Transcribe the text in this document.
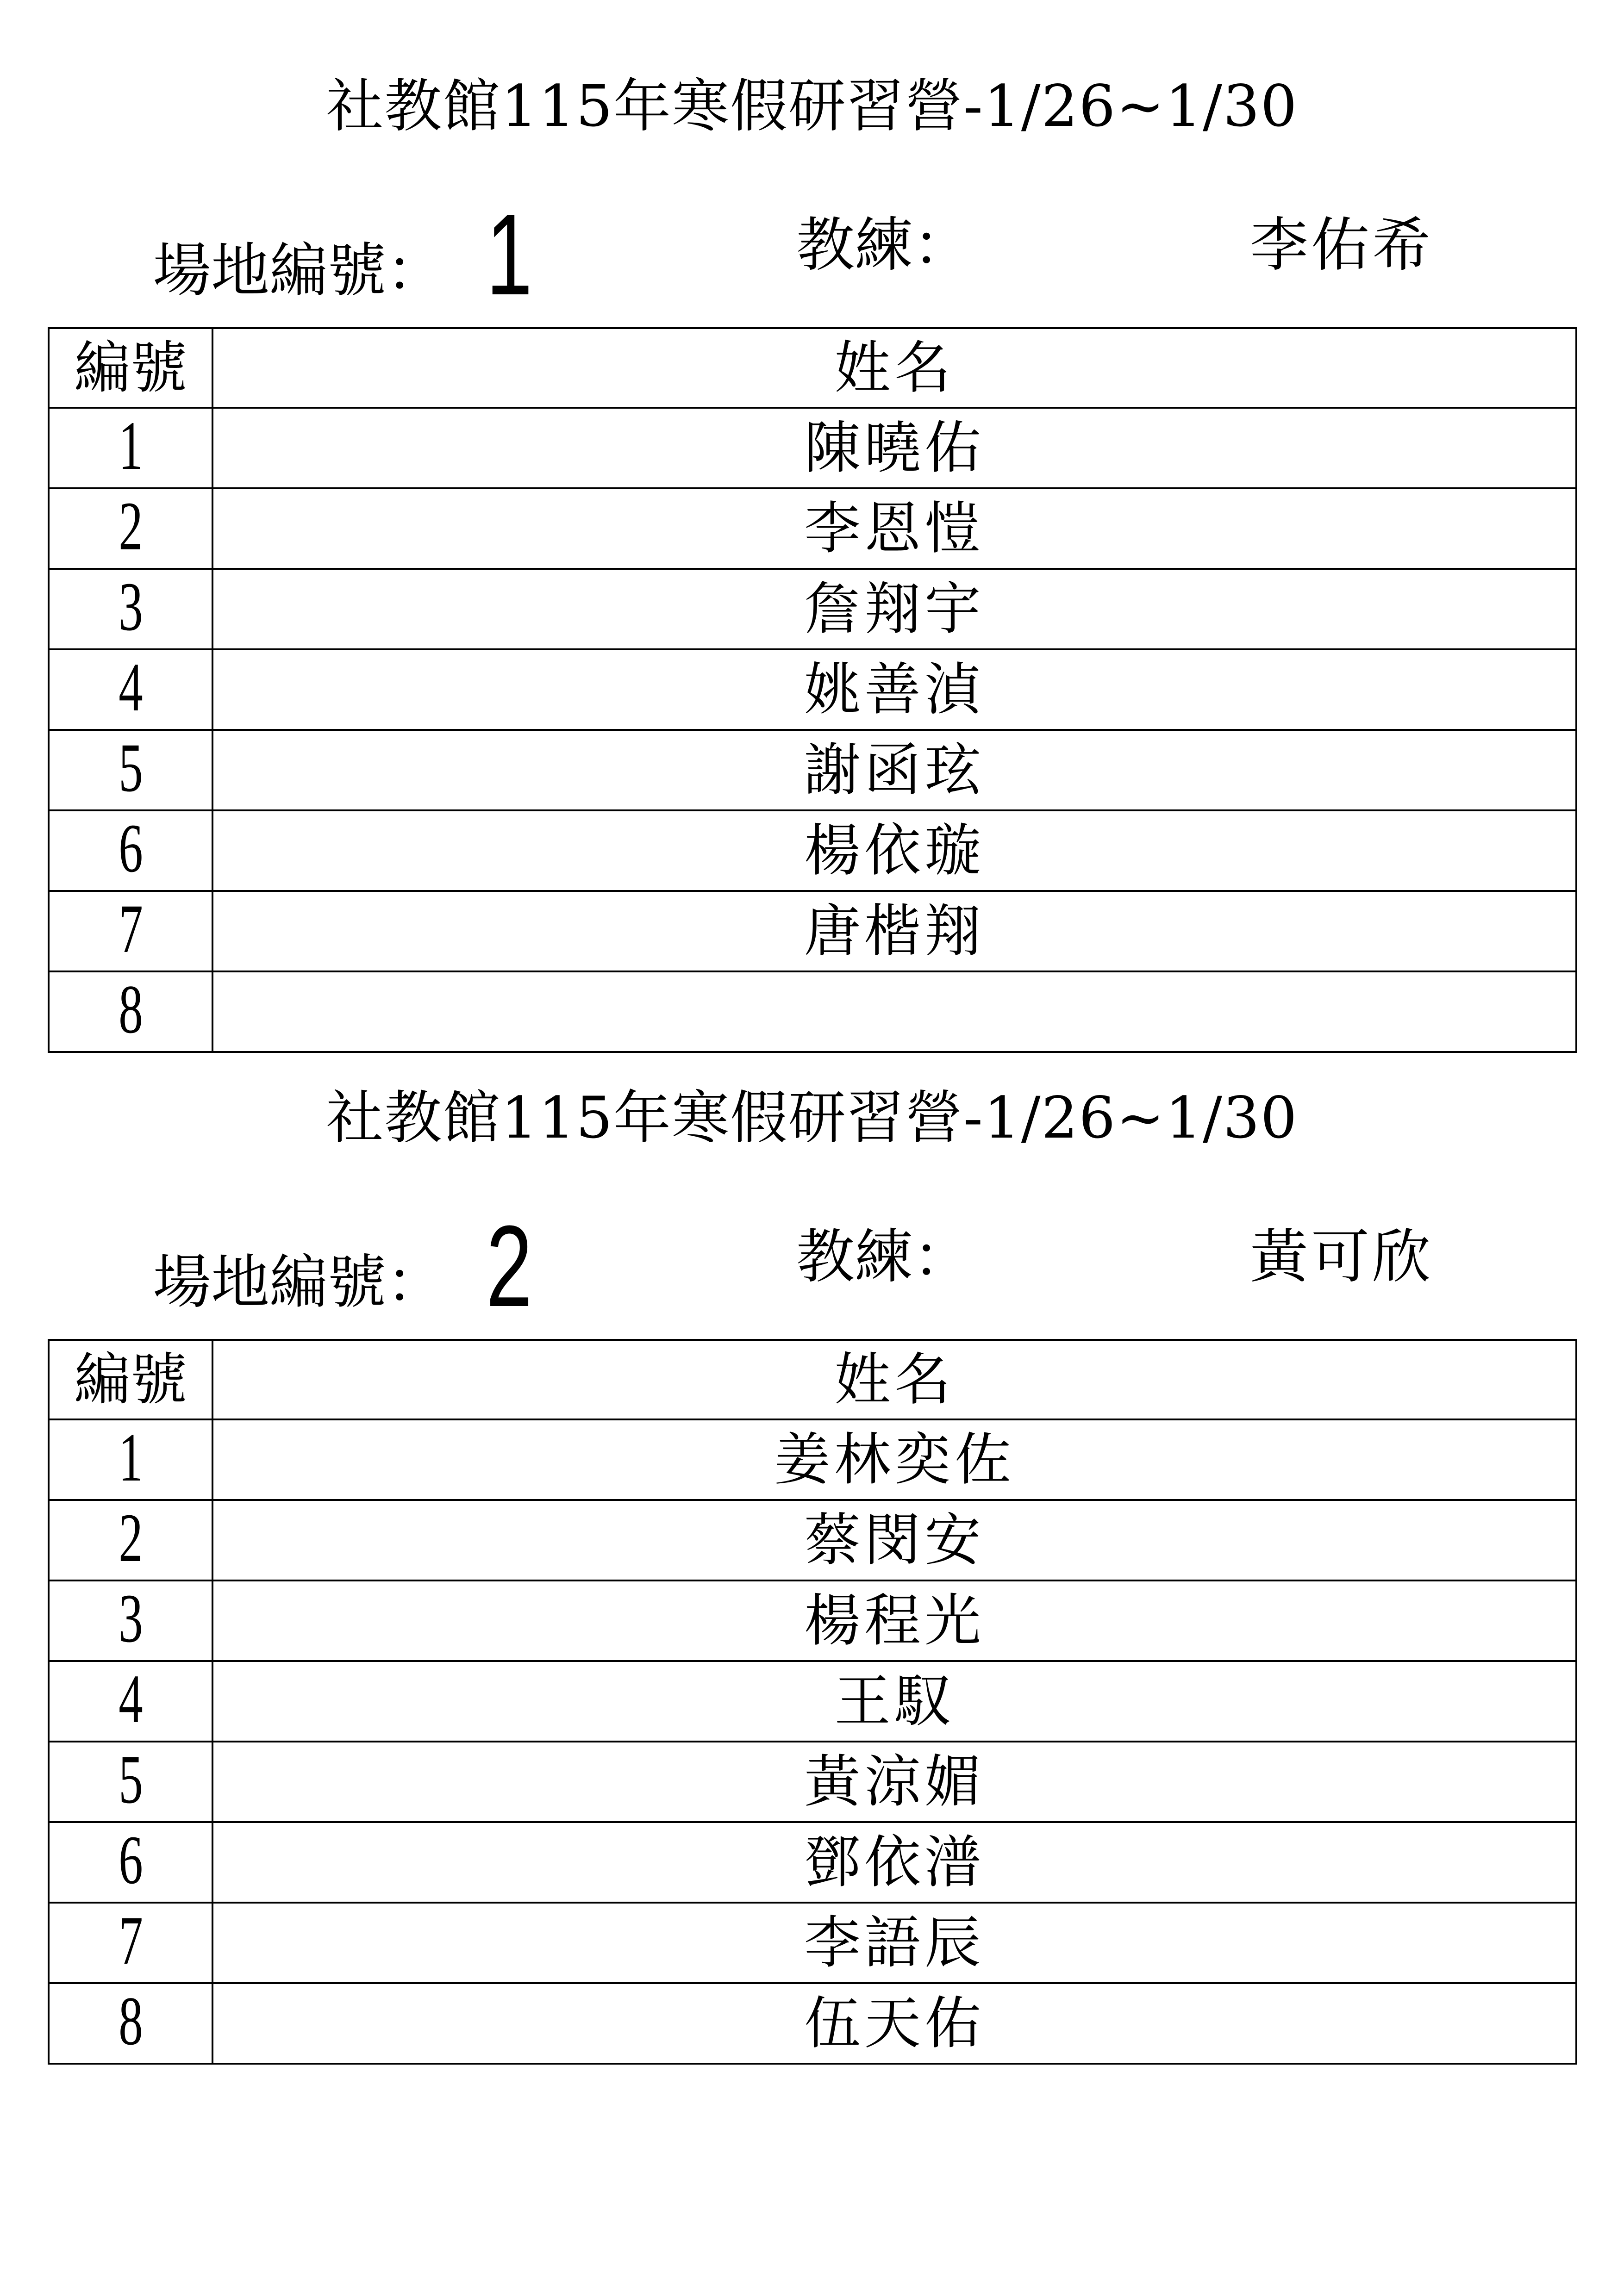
社教館115年寒假研習營-1/26~1/30
場地編號： 1	教練：	李佑希
編號	姓名
1	陳曉佑
2	李恩愷
3	詹翔宇
4	姚善湞
5	謝函玹
6	楊依璇
7	唐楷翔
8	
社教館115年寒假研習營-1/26~1/30
場地編號： 2	教練：	黃可欣
編號	姓名
1	姜林奕佐
2	蔡閔安
3	楊程光
4	王馭
5	黃涼媚
6	鄧依潽
7	李語辰
8	伍天佑
